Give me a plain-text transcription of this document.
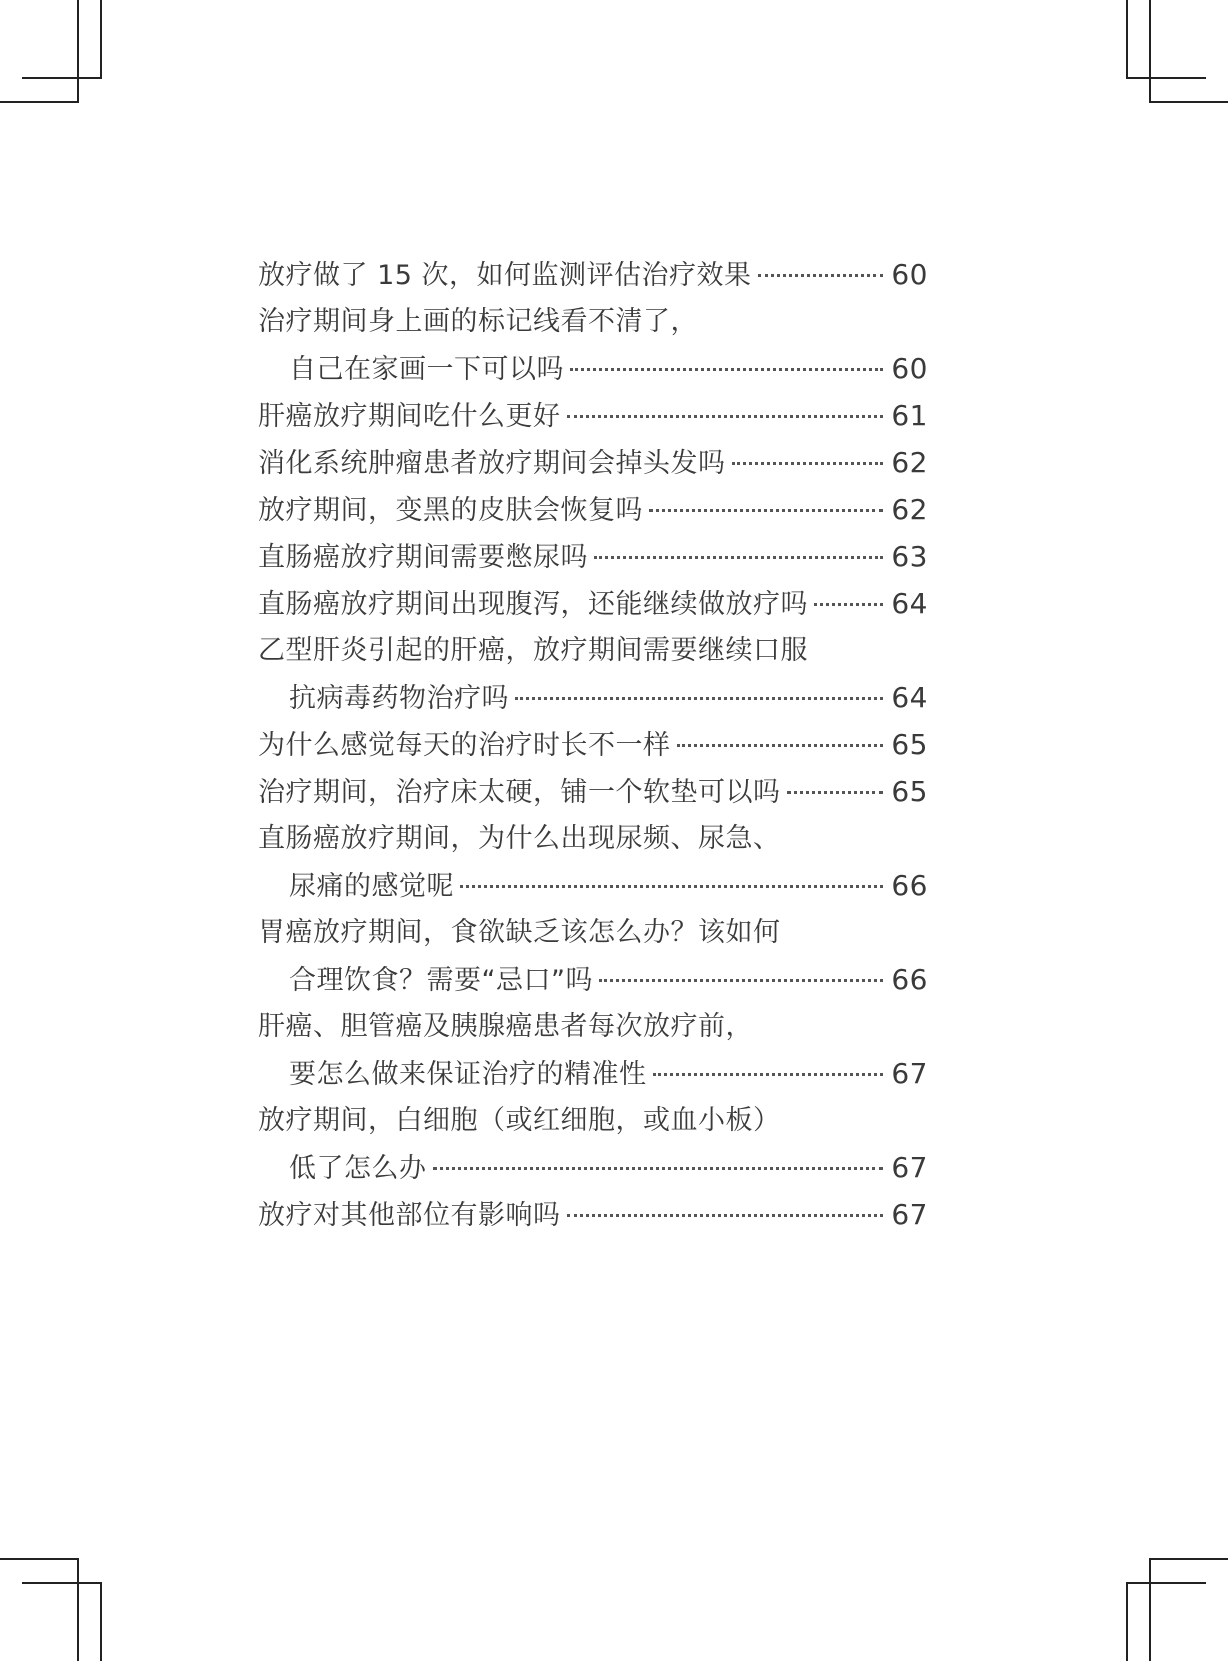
放疗做了 15 次，如何监测评估治疗效果	60
治疗期间身上画的标记线看不清了，
自己在家画一下可以吗	60
肝癌放疗期间吃什么更好	61
消化系统肿瘤患者放疗期间会掉头发吗	62
放疗期间，变黑的皮肤会恢复吗	62
直肠癌放疗期间需要憋尿吗	63
直肠癌放疗期间出现腹泻，还能继续做放疗吗	64
乙型肝炎引起的肝癌，放疗期间需要继续口服
抗病毒药物治疗吗	64
为什么感觉每天的治疗时长不一样	65
治疗期间，治疗床太硬，铺一个软垫可以吗	65
直肠癌放疗期间，为什么出现尿频、尿急、
尿痛的感觉呢	66
胃癌放疗期间，食欲缺乏该怎么办？该如何
合理饮食？需要“忌口”吗	66
肝癌、胆管癌及胰腺癌患者每次放疗前，
要怎么做来保证治疗的精准性	67
放疗期间，白细胞（或红细胞，或血小板）
低了怎么办	67
放疗对其他部位有影响吗	67
